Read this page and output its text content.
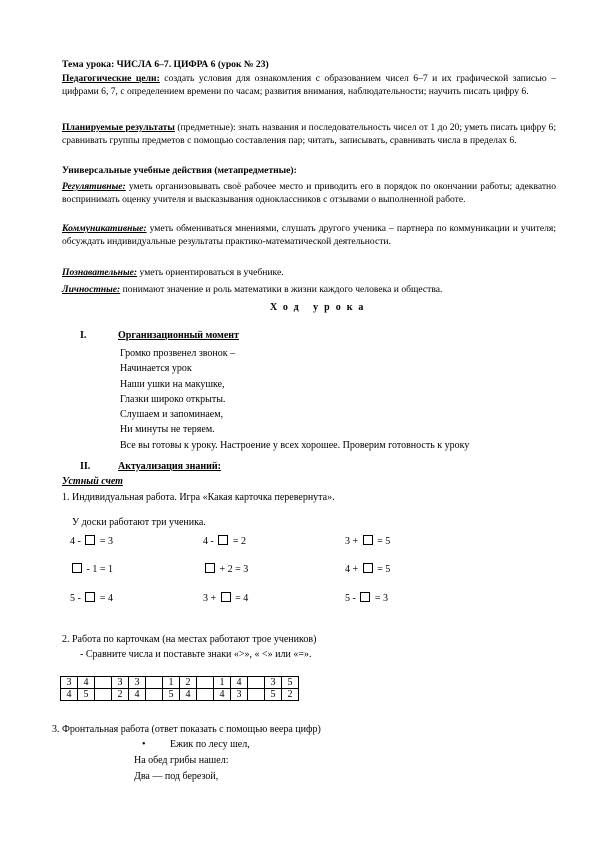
Тема урока: ЧИСЛА 6–7. ЦИФРА 6 (урок № 23)
Педагогические цели: создать условия для ознакомления с образованием чисел 6–7 и их графической записью – цифрами 6, 7, с определением времени по часам; развития внимания, наблюдательности; научить писать цифру 6.
Планируемые результаты (предметные): знать названия и последовательность чисел от 1 до 20; уметь писать цифру 6; сравнивать группы предметов с помощью составления пар; читать, записывать, сравнивать числа в пределах 6.
Универсальные учебные действия (метапредметные):
Регулятивные: уметь организовывать своё рабочее место и приводить его в порядок по окончании работы; адекватно воспринимать оценку учителя и высказывания одноклассников с отзывами о выполненной работе.
Коммуникативные: уметь обмениваться мнениями, слушать другого ученика – партнера по коммуникации и учителя; обсуждать индивидуальные результаты практико-математической деятельности.
Познавательные: уметь ориентироваться в учебнике.
Личностные: понимают значение и роль математики в жизни каждого человека и общества.
Ход урока
I.	Организационный момент
Громко прозвенел звонок –
Начинается урок
Наши ушки на макушке,
Глазки широко открыты.
Слушаем и запоминаем,
Ни минуты не теряем.
Все вы готовы к уроку. Настроение у всех хорошее. Проверим готовность к уроку
II.	Актуализация знаний:
Устный счет
1. Индивидуальная работа. Игра «Какая карточка перевернута».
У доски работают три ученика.
4 -  = 3	4 -  = 2	3 +  = 5
- 1 = 1	+ 2 = 3	4 +  = 5
5 -  = 4	3 +  = 4	5 -  = 3
2. Работа по карточкам (на местах работают трое учеников)
- Сравните числа и поставьте знаки «>», « <» или «=».
3	4		3	3		1	2		1	4		3	5
4	5		2	4		5	4		4	3		5	2
3. Фронтальная работа (ответ показать с помощью веера цифр)
• Ежик по лесу шел,
На обед грибы нашел:
Два — под березой,
